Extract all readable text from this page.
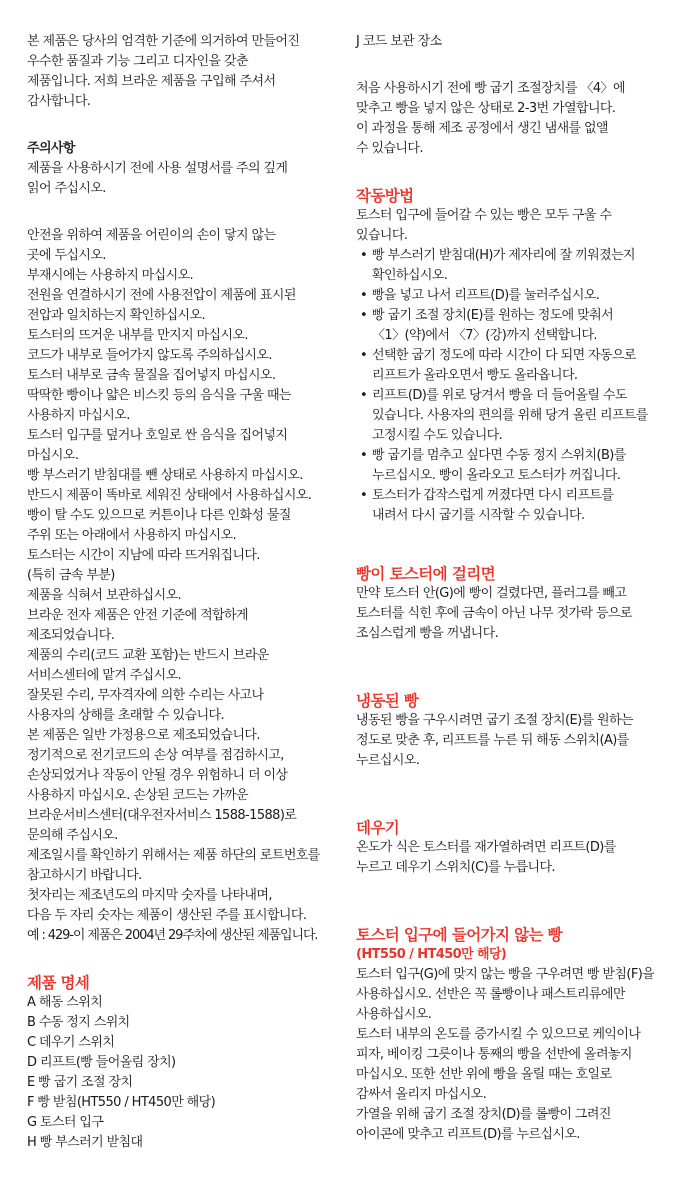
본 제품은 당사의 엄격한 기준에 의거하여 만들어진

우수한 품질과 기능 그리고 디자인을 갖춘

제품입니다. 저희 브라운 제품을 구입해 주셔서

감사합니다.

주의사항

제품을 사용하시기 전에 사용 설명서를 주의 깊게

읽어 주십시오.

안전을 위하여 제품을 어린이의 손이 닿지 않는

곳에 두십시오.

부재시에는 사용하지 마십시오.

전원을 연결하시기 전에 사용전압이 제품에 표시된

전압과 일치하는지 확인하십시오.

토스터의 뜨거운 내부를 만지지 마십시오.

코드가 내부로 들어가지 않도록 주의하십시오.

토스터 내부로 금속 물질을 집어넣지 마십시오.

딱딱한 빵이나 얇은 비스킷 등의 음식을 구울 때는

사용하지 마십시오.

토스터 입구를 덮거나 호일로 싼 음식을 집어넣지

마십시오.

빵 부스러기 받침대를 뺀 상태로 사용하지 마십시오.

반드시 제품이 똑바로 세워진 상태에서 사용하십시오.

빵이 탈 수도 있으므로 커튼이나 다른 인화성 물질

주위 또는 아래에서 사용하지 마십시오.

토스터는 시간이 지남에 따라 뜨거워집니다.

(특히 금속 부분)

제품을 식혀서 보관하십시오.

브라운 전자 제품은 안전 기준에 적합하게

제조되었습니다.

제품의 수리(코드 교환 포함)는 반드시 브라운

서비스센터에 맡겨 주십시오.

잘못된 수리, 무자격자에 의한 수리는 사고나

사용자의 상해를 초래할 수 있습니다.

본 제품은 일반 가정용으로 제조되었습니다.

정기적으로 전기코드의 손상 여부를 점검하시고,

손상되었거나 작동이 안될 경우 위험하니 더 이상

사용하지 마십시오. 손상된 코드는 가까운

브라운서비스센터(대우전자서비스 1588-1588)로

문의해 주십시오.

제조일시를 확인하기 위해서는 제품 하단의 로트번호를

참고하시기 바랍니다.

첫자리는 제조년도의 마지막 숫자를 나타내며,

다음 두 자리 숫자는 제품이 생산된 주를 표시합니다.

예 : 429-이 제품은 2004년 29주차에 생산된 제품입니다.

제품 명세

A 해동 스위치

B 수동 정지 스위치

C 데우기 스위치

D 리프트(빵 들어올림 장치)

E 빵 굽기 조절 장치

F 빵 받침(HT550 / HT450만 해당)

G 토스터 입구

H 빵 부스러기 받침대

J 코드 보관 장소

처음 사용하시기 전에 빵 굽기 조절장치를 〈4〉에

맞추고 빵을 넣지 않은 상태로 2-3번 가열합니다.

이 과정을 통해 제조 공정에서 생긴 냄새를 없앨

수 있습니다.

작동방법

토스터 입구에 들어갈 수 있는 빵은 모두 구울 수

있습니다.

• 빵 부스러기 받침대(H)가 제자리에 잘 끼워졌는지
확인하십시오.
• 빵을 넣고 나서 리프트(D)를 눌러주십시오.
• 빵 굽기 조절 장치(E)를 원하는 정도에 맞춰서
〈1〉(약)에서 〈7〉(강)까지 선택합니다.
• 선택한 굽기 정도에 따라 시간이 다 되면 자동으로
리프트가 올라오면서 빵도 올라옵니다.
• 리프트(D)를 위로 당겨서 빵을 더 들어올릴 수도
있습니다. 사용자의 편의를 위해 당겨 올린 리프트를
고정시킬 수도 있습니다.
• 빵 굽기를 멈추고 싶다면 수동 정지 스위치(B)를
누르십시오. 빵이 올라오고 토스터가 꺼집니다.
• 토스터가 갑작스럽게 꺼졌다면 다시 리프트를
내려서 다시 굽기를 시작할 수 있습니다.

빵이 토스터에 걸리면

만약 토스터 안(G)에 빵이 걸렸다면, 플러그를 빼고

토스터를 식힌 후에 금속이 아닌 나무 젓가락 등으로

조심스럽게 빵을 꺼냅니다.

냉동된 빵

냉동된 빵을 구우시려면 굽기 조절 장치(E)를 원하는

정도로 맞춘 후, 리프트를 누른 뒤 해동 스위치(A)를

누르십시오.

데우기

온도가 식은 토스터를 재가열하려면 리프트(D)를

누르고 데우기 스위치(C)를 누릅니다.

토스터 입구에 들어가지 않는 빵

(HT550 / HT450만 해당)

토스터 입구(G)에 맞지 않는 빵을 구우려면 빵 받침(F)을

사용하십시오. 선반은 꼭 롤빵이나 패스트리류에만

사용하십시오.

토스터 내부의 온도를 증가시킬 수 있으므로 케익이나

피자, 베이킹 그릇이나 통째의 빵을 선반에 올려놓지

마십시오. 또한 선반 위에 빵을 올릴 때는 호일로

감싸서 올리지 마십시오.

가열을 위해 굽기 조절 장치(D)를 롤빵이 그려진

아이콘에 맞추고 리프트(D)를 누르십시오.
